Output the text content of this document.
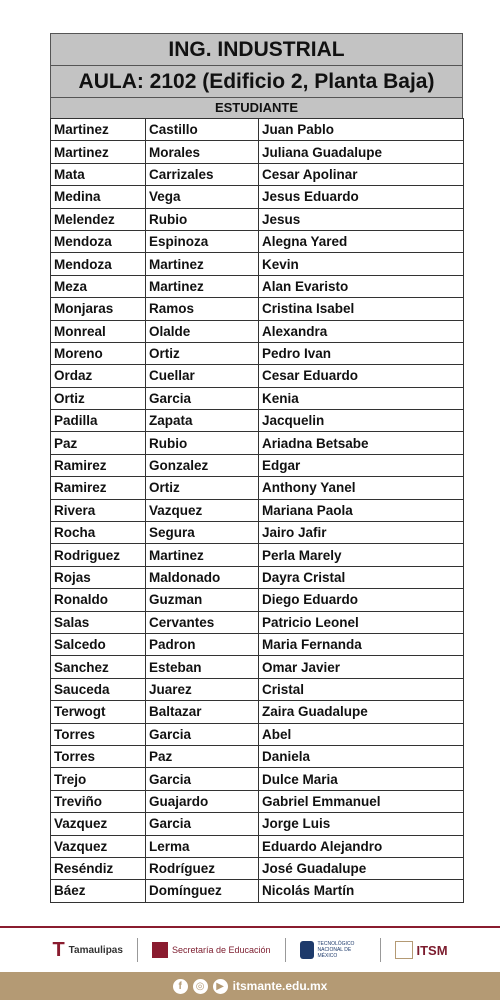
ING. INDUSTRIAL
AULA: 2102 (Edificio 2, Planta Baja)
ESTUDIANTE
Martinez	Castillo	Juan Pablo
Martinez	Morales	Juliana Guadalupe
Mata	Carrizales	Cesar Apolinar
Medina	Vega	Jesus Eduardo
Melendez	Rubio	Jesus
Mendoza	Espinoza	Alegna Yared
Mendoza	Martinez	Kevin
Meza	Martinez	Alan Evaristo
Monjaras	Ramos	Cristina Isabel
Monreal	Olalde	Alexandra
Moreno	Ortiz	Pedro Ivan
Ordaz	Cuellar	Cesar Eduardo
Ortiz	Garcia	Kenia
Padilla	Zapata	Jacquelin
Paz	Rubio	Ariadna Betsabe
Ramirez	Gonzalez	Edgar
Ramirez	Ortiz	Anthony Yanel
Rivera	Vazquez	Mariana Paola
Rocha	Segura	Jairo Jafir
Rodriguez	Martinez	Perla Marely
Rojas	Maldonado	Dayra Cristal
Ronaldo	Guzman	Diego Eduardo
Salas	Cervantes	Patricio Leonel
Salcedo	Padron	Maria Fernanda
Sanchez	Esteban	Omar Javier
Sauceda	Juarez	Cristal
Terwogt	Baltazar	Zaira Guadalupe
Torres	Garcia	Abel
Torres	Paz	Daniela
Trejo	Garcia	Dulce Maria
Treviño	Guajardo	Gabriel Emmanuel
Vazquez	Garcia	Jorge Luis
Vazquez	Lerma	Eduardo Alejandro
Reséndiz	Rodríguez	José Guadalupe
Báez	Domínguez	Nicolás Martín
T Tamaulipas	Secretaría de Educación
TECNOLÓGICO NACIONAL DE MÉXICO	ITSM
f	◎	▶ itsmante.edu.mx
